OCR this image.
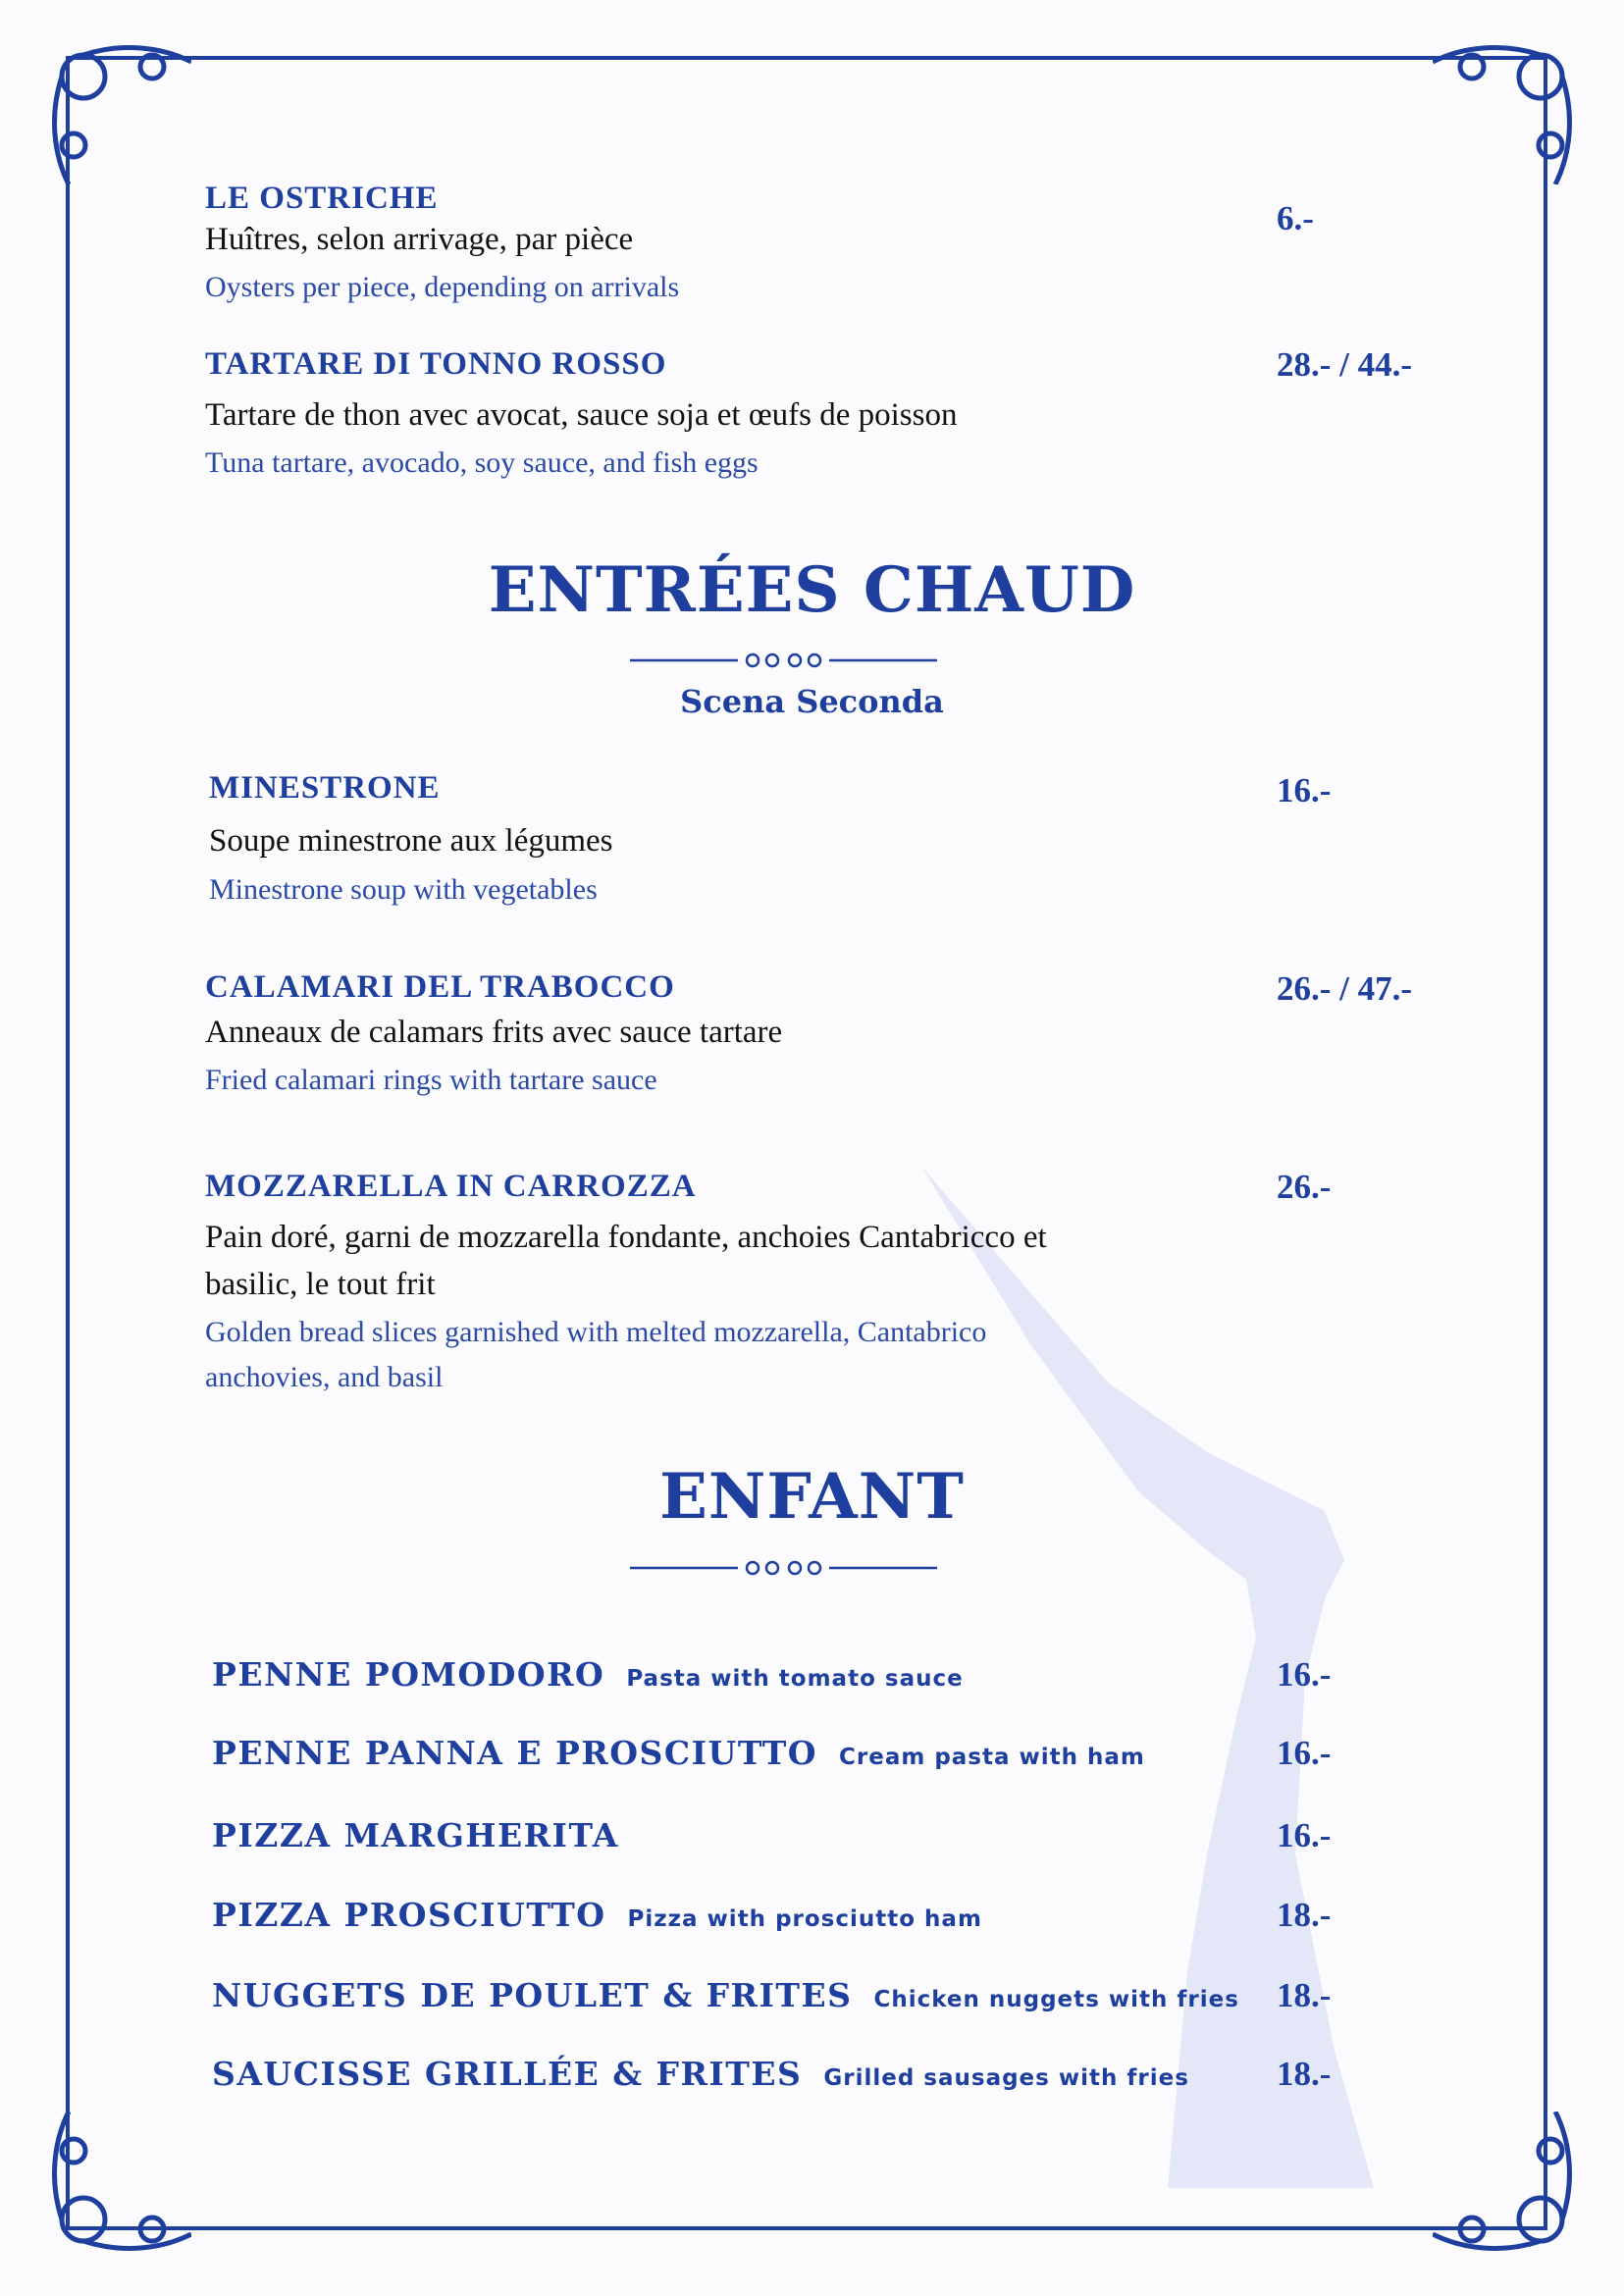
LE OSTRICHE
Huîtres, selon arrivage, par pièce
Oysters per piece, depending on arrivals
6.-
TARTARE DI TONNO ROSSO
Tartare de thon avec avocat, sauce soja et œufs de poisson
Tuna tartare, avocado, soy sauce, and fish eggs
28.- / 44.-
ENTRÉES CHAUD
Scena Seconda
MINESTRONE
Soupe minestrone aux légumes
Minestrone soup with vegetables
16.-
CALAMARI DEL TRABOCCO
Anneaux de calamars frits avec sauce tartare
Fried calamari rings with tartare sauce
26.- / 47.-
MOZZARELLA IN CARROZZA
Pain doré, garni de mozzarella fondante, anchoies Cantabricco et
basilic, le tout frit
Golden bread slices garnished with melted mozzarella, Cantabrico
anchovies, and basil
26.-
ENFANT
PENNE POMODORO Pasta with tomato sauce	16.-
PENNE PANNA E PROSCIUTTO Cream pasta with ham	16.-
PIZZA MARGHERITA	16.-
PIZZA PROSCIUTTO Pizza with prosciutto ham	18.-
NUGGETS DE POULET & FRITES Chicken nuggets with fries 18.-
SAUCISSE GRILLÉE & FRITES Grilled sausages with fries	18.-
